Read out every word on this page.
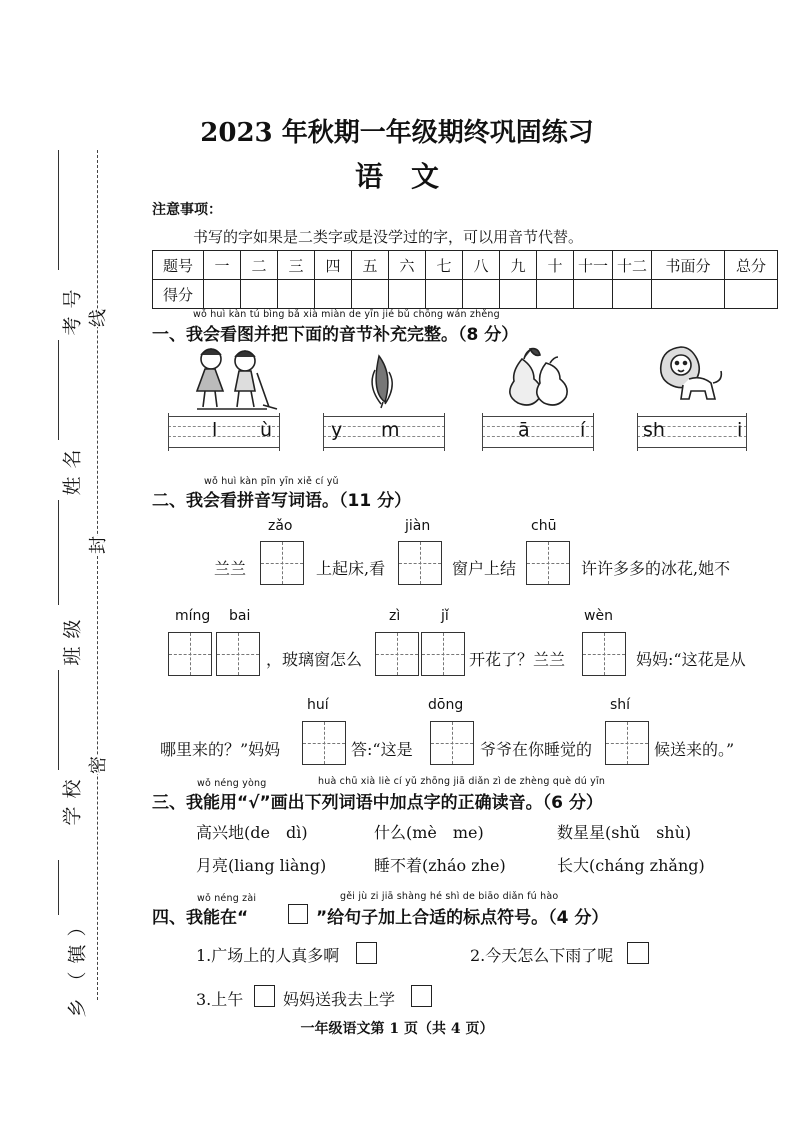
考号
姓名
班级
学校
乡（镇）
线
封
密
2023 年秋期一年级期终巩固练习
语　文
注意事项：
书写的字如果是二类字或是没学过的字，可以用音节代替。
题号	一	二	三	四	五	六	七	八	九	十	十一	十二	书面分	总分
得分														
wǒ huì kàn tú bìng bǎ xià miàn de yīn jié bǔ chōng wán zhěng
一、我会看图并把下面的音节补充完整。（8 分）
l ù	y m	ā	í	sh	i
wǒ huì kàn pīn yīn xiě cí yǔ
二、我会看拼音写词语。（11 分）
zǎo	jiàn	chū
兰兰	上起床,看	窗户上结	许许多多的冰花,她不
míng bai	zì	jǐ	wèn
，玻璃窗怎么	开花了？兰兰	妈妈:“这花是从
huí	dōng	shí
哪里来的？”妈妈	答:“这是	爷爷在你睡觉的	候送来的。”
wǒ néng yòng	huà chū xià liè cí yǔ zhōng jiā diǎn zì de zhèng què dú yīn
三、我能用“√”画出下列词语中加点字的正确读音。（6 分）
高兴地(de　dì)	什么(mè　me)	数星星(shǔ　shù)
月亮(liang liàng)	睡不着(zháo zhe)	长大(cháng zhǎng)
wǒ néng zài	gěi jù zi jiā shàng hé shì de biāo diǎn fú hào
四、我能在“	”给句子加上合适的标点符号。（4 分）
1.广场上的人真多啊	2.今天怎么下雨了呢
3.上午 妈妈送我去上学
一年级语文第 1 页（共 4 页）
